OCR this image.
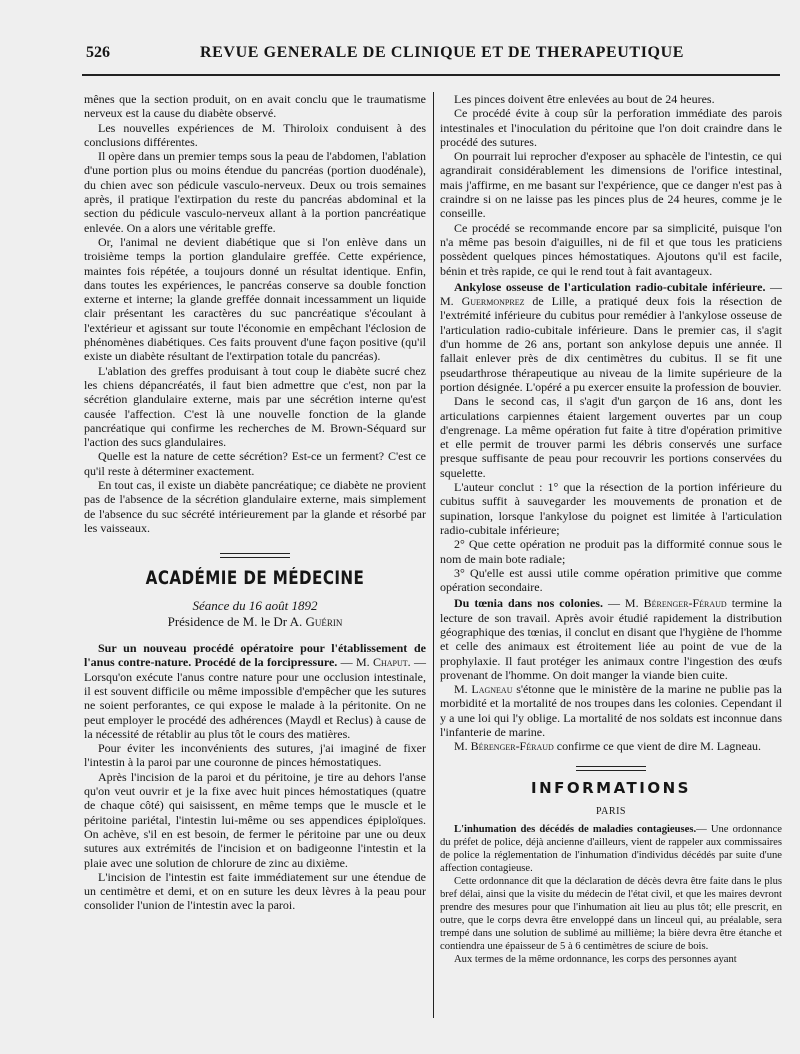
526	REVUE GENERALE DE CLINIQUE ET DE THERAPEUTIQUE

mênes que la section produit, on en avait conclu que le traumatisme nerveux est la cause du diabète observé.

Les nouvelles expériences de M. Thiroloix conduisent à des conclusions différentes.

Il opère dans un premier temps sous la peau de l'abdomen, l'ablation d'une portion plus ou moins étendue du pancréas (portion duodénale), du chien avec son pédicule vasculo-nerveux. Deux ou trois semaines après, il pratique l'extirpation du reste du pancréas abdominal et la section du pédicule vasculo-nerveux allant à la portion pancréatique enlevée. On a alors une véritable greffe.

Or, l'animal ne devient diabétique que si l'on enlève dans un troisième temps la portion glandulaire greffée. Cette expérience, maintes fois répétée, a toujours donné un résultat identique. Enfin, dans toutes les expériences, le pancréas conserve sa double fonction externe et interne; la glande greffée donnait incessamment un liquide clair présentant les caractères du suc pancréatique s'écoulant à l'extérieur et agissant sur toute l'économie en empêchant l'éclosion de phénomènes diabétiques. Ces faits prouvent d'une façon positive (qu'il existe un diabète résultant de l'extirpation totale du pancréas).

L'ablation des greffes produisant à tout coup le diabète sucré chez les chiens dépancréatés, il faut bien admettre que c'est, non par la sécrétion glandulaire externe, mais par une sécrétion interne qu'est causée l'affection. C'est là une nouvelle fonction de la glande pancréatique qui confirme les recherches de M. Brown-Séquard sur l'action des sucs glandulaires.

Quelle est la nature de cette sécrétion? Est-ce un ferment? C'est ce qu'il reste à déterminer exactement.

En tout cas, il existe un diabète pancréatique; ce diabète ne provient pas de l'absence de la sécrétion glandulaire externe, mais simplement de l'absence du suc sécrété intérieurement par la glande et résorbé par les vaisseaux.

ACADÉMIE DE MÉDECINE
Séance du 16 août 1892
Présidence de M. le Dr A. Guérin

Sur un nouveau procédé opératoire pour l'établissement de l'anus contre-nature. Procédé de la forcipressure. — M. Chaput. — Lorsqu'on exécute l'anus contre nature pour une occlusion intestinale, il est souvent difficile ou même impossible d'empêcher que les sutures ne soient perforantes, ce qui expose le malade à la péritonite. On ne peut employer le procédé des adhérences (Maydl et Reclus) à cause de la nécessité de rétablir au plus tôt le cours des matières.

Pour éviter les inconvénients des sutures, j'ai imaginé de fixer l'intestin à la paroi par une couronne de pinces hémostatiques.

Après l'incision de la paroi et du péritoine, je tire au dehors l'anse qu'on veut ouvrir et je la fixe avec huit pinces hémostatiques (quatre de chaque côté) qui saisissent, en même temps que le muscle et le péritoine pariétal, l'intestin lui-même ou ses appendices épiploïques. On achève, s'il en est besoin, de fermer le péritoine par une ou deux sutures aux extrémités de l'incision et on badigeonne l'intestin et la plaie avec une solution de chlorure de zinc au dixième.

L'incision de l'intestin est faite immédiatement sur une étendue de un centimètre et demi, et on en suture les deux lèvres à la peau pour consolider l'union de l'intestin avec la paroi.

Les pinces doivent être enlevées au bout de 24 heures.

Ce procédé évite à coup sûr la perforation immédiate des parois intestinales et l'inoculation du péritoine que l'on doit craindre dans le procédé des sutures.

On pourrait lui reprocher d'exposer au sphacèle de l'intestin, ce qui agrandirait considérablement les dimensions de l'orifice intestinal, mais j'affirme, en me basant sur l'expérience, que ce danger n'est pas à craindre si on ne laisse pas les pinces plus de 24 heures, comme je le conseille.

Ce procédé se recommande encore par sa simplicité, puisque l'on n'a même pas besoin d'aiguilles, ni de fil et que tous les praticiens possèdent quelques pinces hémostatiques. Ajoutons qu'il est facile, bénin et très rapide, ce qui le rend tout à fait avantageux.

Ankylose osseuse de l'articulation radio-cubitale inférieure. — M. Guermonprez de Lille, a pratiqué deux fois la résection de l'extrémité inférieure du cubitus pour remédier à l'ankylose osseuse de l'articulation radio-cubitale inférieure. Dans le premier cas, il s'agit d'un homme de 26 ans, portant son ankylose depuis une année. Il fallait enlever près de dix centimètres du cubitus. Il se fit une pseudarthrose thérapeutique au niveau de la limite supérieure de la portion désignée. L'opéré a pu exercer ensuite la profession de bouvier.

Dans le second cas, il s'agit d'un garçon de 16 ans, dont les articulations carpiennes étaient largement ouvertes par un coup d'engrenage. La même opération fut faite à titre d'opération primitive et elle permit de trouver parmi les débris conservés une surface presque suffisante de peau pour recouvrir les portions conservées du squelette.

L'auteur conclut : 1° que la résection de la portion inférieure du cubitus suffit à sauvegarder les mouvements de pronation et de supination, lorsque l'ankylose du poignet est limitée à l'articulation radio-cubitale inférieure;

2° Que cette opération ne produit pas la difformité connue sous le nom de main bote radiale;

3° Qu'elle est aussi utile comme opération primitive que comme opération secondaire.

Du tœnia dans nos colonies. — M. Bérenger-Féraud termine la lecture de son travail. Après avoir étudié rapidement la distribution géographique des tœnias, il conclut en disant que l'hygiène de l'homme et celle des animaux est étroitement liée au point de vue de la prophylaxie. Il faut protéger les animaux contre l'ingestion des œufs provenant de l'homme. On doit manger la viande bien cuite.

M. Lagneau s'étonne que le ministère de la marine ne publie pas la morbidité et la mortalité de nos troupes dans les colonies. Cependant il y a une loi qui l'y oblige. La mortalité de nos soldats est inconnue dans l'infanterie de marine.

M. Bérenger-Féraud confirme ce que vient de dire M. Lagneau.

INFORMATIONS
PARIS

L'inhumation des décédés de maladies contagieuses.— Une ordonnance du préfet de police, déjà ancienne d'ailleurs, vient de rappeler aux commissaires de police la réglementation de l'inhumation d'individus décédés par suite d'une affection contagieuse.

Cette ordonnance dit que la déclaration de décès devra être faite dans le plus bref délai, ainsi que la visite du médecin de l'état civil, et que les maires devront prendre des mesures pour que l'inhumation ait lieu au plus tôt; elle prescrit, en outre, que le corps devra être enveloppé dans un linceul qui, au préalable, sera trempé dans une solution de sublimé au millième; la bière devra être étanche et contiendra une épaisseur de 5 à 6 centimètres de sciure de bois.

Aux termes de la même ordonnance, les corps des personnes ayant
